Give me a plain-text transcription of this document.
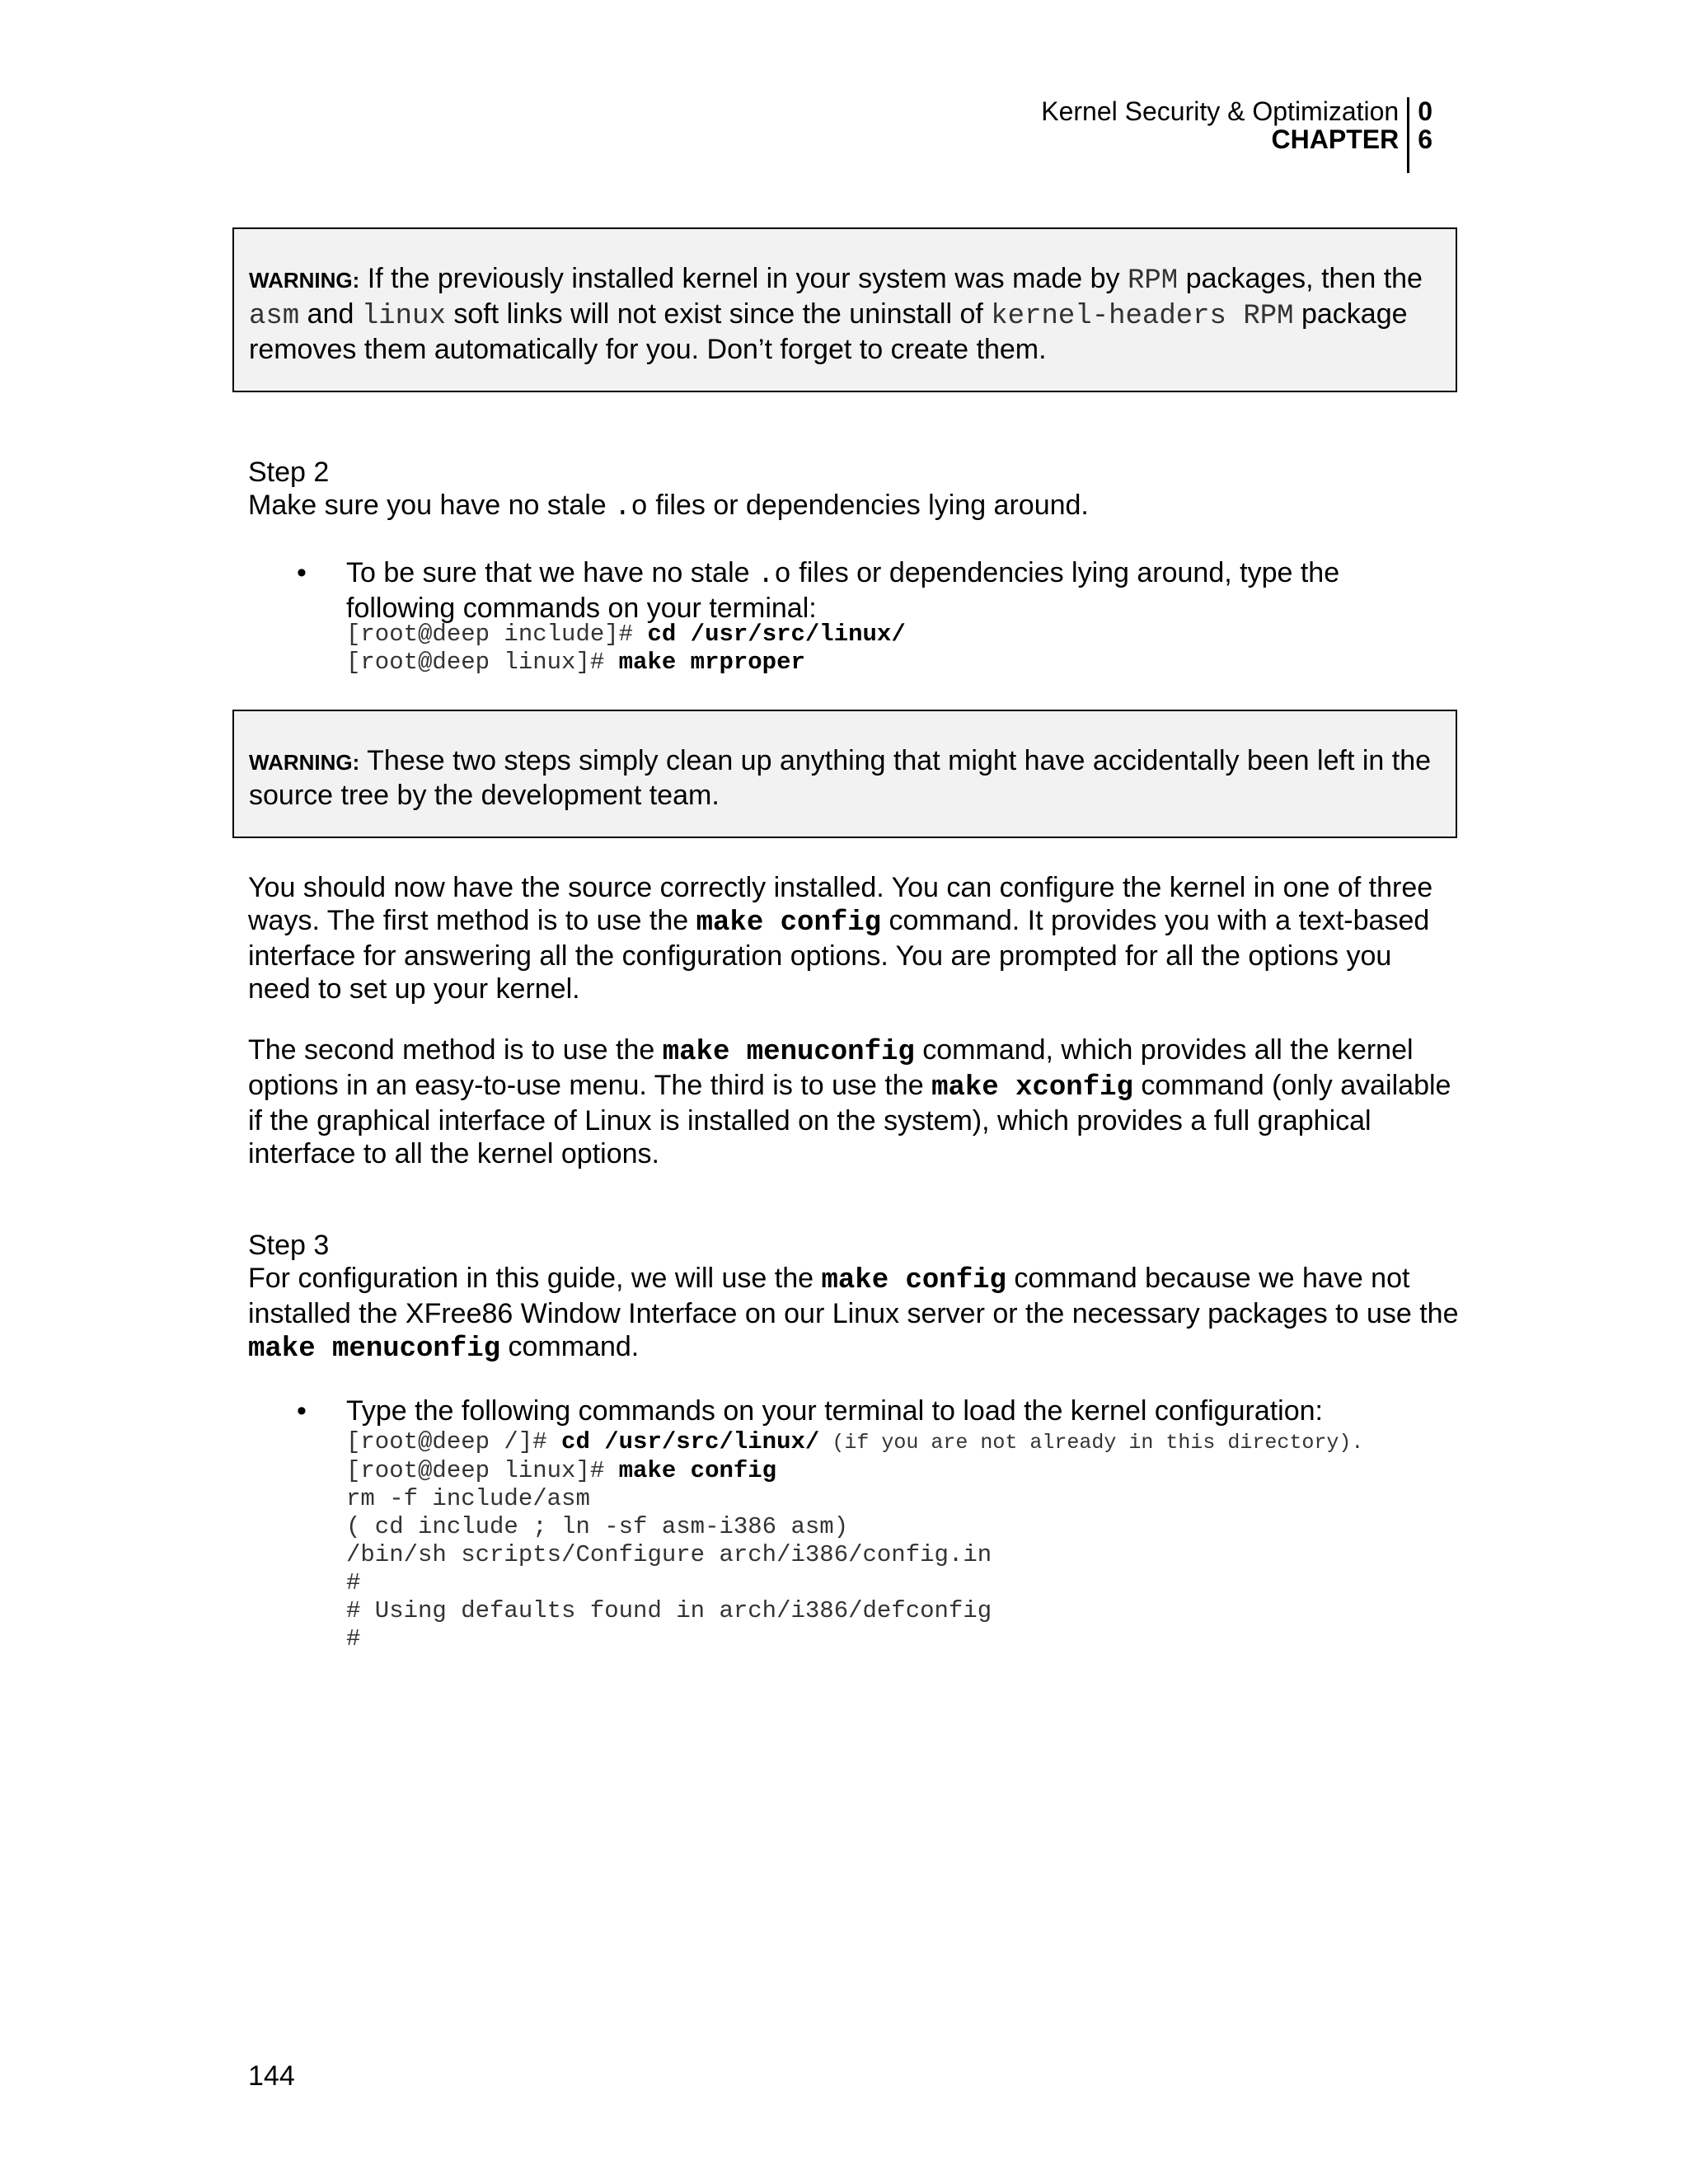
Kernel Security & Optimization
CHAPTER
0
6
WARNING: If the previously installed kernel in your system was made by RPM packages, then the asm and linux soft links will not exist since the uninstall of kernel-headers RPM package removes them automatically for you. Don’t forget to create them.
Step 2
Make sure you have no stale .o files or dependencies lying around.
• To be sure that we have no stale .o files or dependencies lying around, type the following commands on your terminal:
[root@deep include]# cd /usr/src/linux/
[root@deep linux]# make mrproper
WARNING: These two steps simply clean up anything that might have accidentally been left in the source tree by the development team.
You should now have the source correctly installed. You can configure the kernel in one of three ways. The first method is to use the make config command. It provides you with a text-based interface for answering all the configuration options. You are prompted for all the options you need to set up your kernel.
The second method is to use the make menuconfig command, which provides all the kernel options in an easy-to-use menu. The third is to use the make xconfig command (only available if the graphical interface of Linux is installed on the system), which provides a full graphical interface to all the kernel options.
Step 3
For configuration in this guide, we will use the make config command because we have not installed the XFree86 Window Interface on our Linux server or the necessary packages to use the make menuconfig command.
• Type the following commands on your terminal to load the kernel configuration:
[root@deep /]# cd /usr/src/linux/ (if you are not already in this directory).
[root@deep linux]# make config
rm -f include/asm
( cd include ; ln -sf asm-i386 asm)
/bin/sh scripts/Configure arch/i386/config.in
#
# Using defaults found in arch/i386/defconfig
#
144
